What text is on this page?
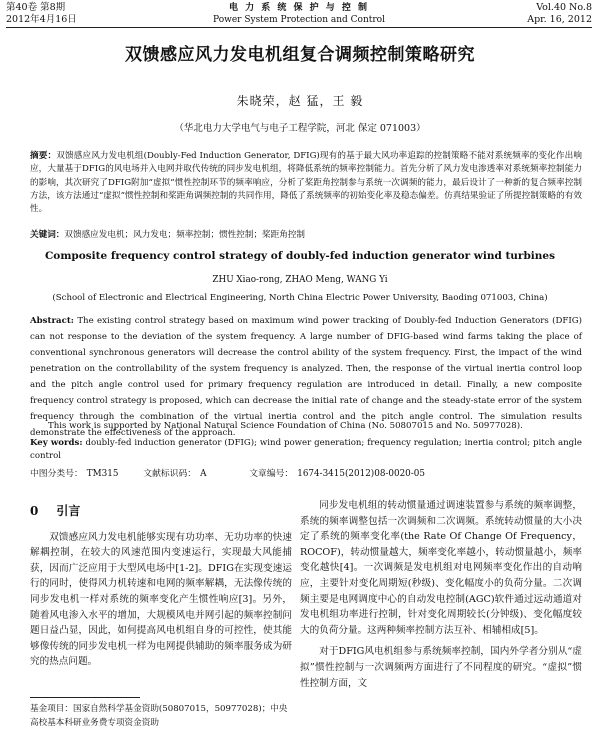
第40卷 第8期
2012年4月16日
电 力 系 统 保 护 与 控 制
Power System Protection and Control
Vol.40 No.8
Apr. 16, 2012
双馈感应风力发电机组复合调频控制策略研究
朱晓荣，赵 猛，王 毅
（华北电力大学电气与电子工程学院，河北 保定 071003）
摘要：双馈感应风力发电机组(Doubly-Fed Induction Generator, DFIG)现有的基于最大风功率追踪的控制策略不能对系统频率的变化作出响应，大量基于DFIG的风电场并入电网并取代传统的同步发电机组，将降低系统的频率控制能力。首先分析了风力发电渗透率对系统频率控制能力的影响，其次研究了DFIG附加“虚拟”惯性控制环节的频率响应，分析了桨距角控制参与系统一次调频的能力，最后设计了一种新的复合频率控制方法，该方法通过“虚拟”惯性控制和桨距角调频控制的共同作用，降低了系统频率的初始变化率及稳态偏差。仿真结果验证了所提控制策略的有效性。
关键词：双馈感应发电机；风力发电；频率控制；惯性控制；桨距角控制
Composite frequency control strategy of doubly-fed induction generator wind turbines
ZHU Xiao-rong, ZHAO Meng, WANG Yi
(School of Electronic and Electrical Engineering, North China Electric Power University, Baoding 071003, China)
Abstract: The existing control strategy based on maximum wind power tracking of Doubly-fed Induction Generators (DFIG) can not response to the deviation of the system frequency. A large number of DFIG-based wind farms taking the place of conventional synchronous generators will decrease the control ability of the system frequency. First, the impact of the wind penetration on the controllability of the system frequency is analyzed. Then, the response of the virtual inertia control loop and the pitch angle control used for primary frequency regulation are introduced in detail. Finally, a new composite frequency control strategy is proposed, which can decrease the initial rate of change and the steady-state error of the system frequency through the combination of the virtual inertia control and the pitch angle control. The simulation results demonstrate the effectiveness of the approach.
This work is supported by National Natural Science Foundation of China (No. 50807015 and No. 50977028).
Key words: doubly-fed induction generator (DFIG); wind power generation; frequency regulation; inertia control; pitch angle control
中图分类号： TM315	文献标识码： A	文章编号： 1674-3415(2012)08-0020-05
0 引言

双馈感应风力发电机能够实现有功功率、无功功率的快速解耦控制，在较大的风速范围内变速运行，实现最大风能捕获，因而广泛应用于大型风电场中[1-2]。DFIG在实现变速运行的同时，使得风力机转速和电网的频率解耦，无法像传统的同步发电机一样对系统的频率变化产生惯性响应[3]。另外，随着风电渗入水平的增加，大规模风电并网引起的频率控制问题日益凸显，因此，如何提高风电机组自身的可控性，使其能够像传统的同步发电机一样为电网提供辅助的频率服务成为研究的热点问题。

同步发电机组的转动惯量通过调速装置参与系统的频率调整，系统的频率调整包括一次调频和二次调频。系统转动惯量的大小决定了系统的频率变化率(the Rate Of Change Of Frequency，ROCOF)，转动惯量越大，频率变化率越小，转动惯量越小，频率变化越快[4]。一次调频是发电机组对电网频率变化作出的自动响应，主要针对变化周期短(秒级)、变化幅度小的负荷分量。二次调频主要是电网调度中心的自动发电控制(AGC)软件通过远动通道对发电机组功率进行控制，针对变化周期较长(分钟级)、变化幅度较大的负荷分量。这两种频率控制方法互补、相辅相成[5]。

对于DFIG风电机组参与系统频率控制，国内外学者分别从“虚拟”惯性控制与一次调频两方面进行了不同程度的研究。“虚拟”惯性控制方面，文

基金项目：国家自然科学基金资助(50807015，50977028)；中央高校基本科研业务费专项资金资助
